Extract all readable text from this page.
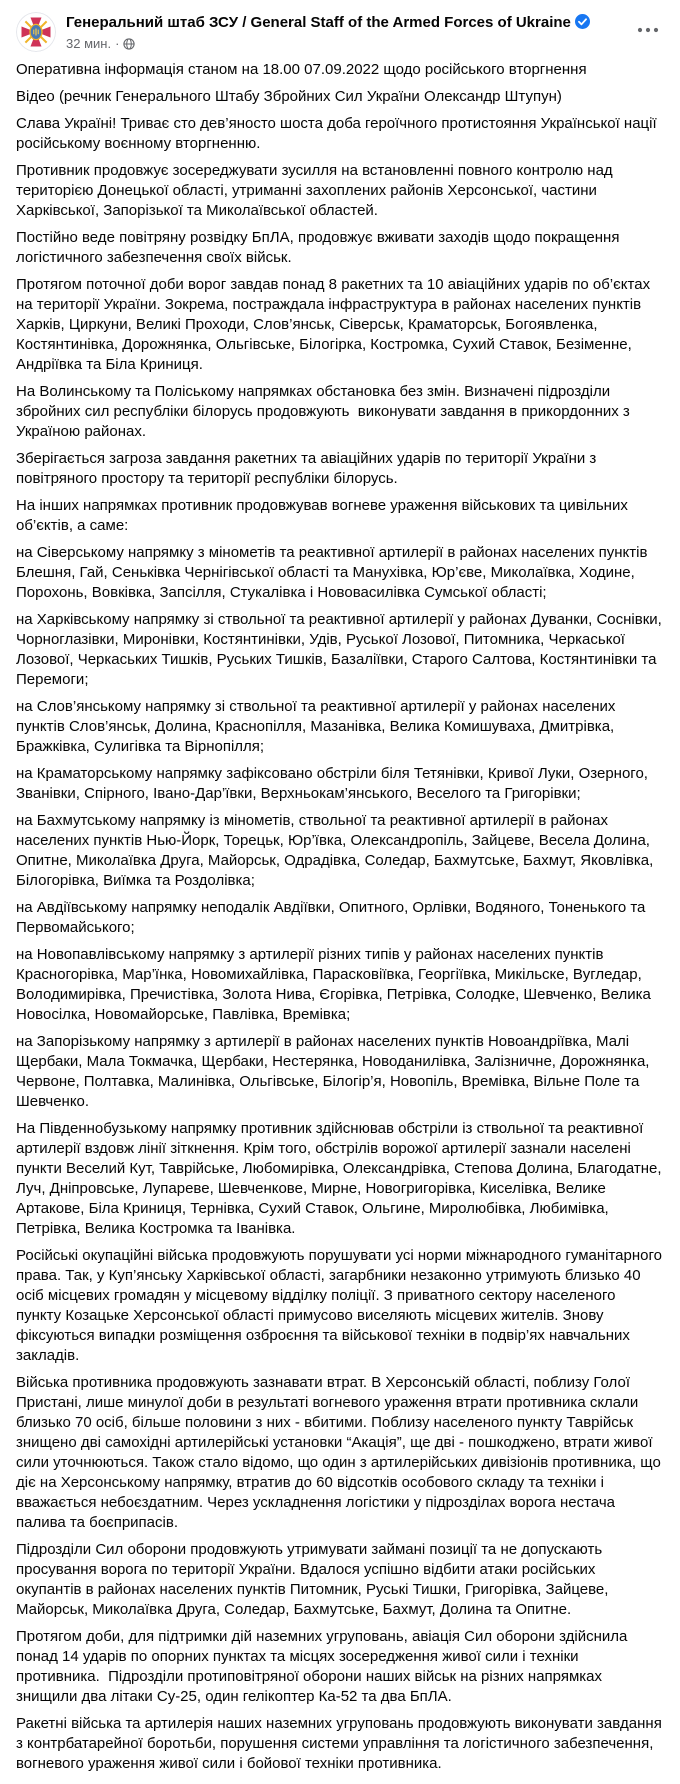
Генеральний штаб ЗСУ / General Staff of the Armed Forces of Ukraine
32 мин. ·
Оперативна інформація станом на 18.00 07.09.2022 щодо російського вторгнення
Відео (речник Генерального Штабу Збройних Сил України Олександр Штупун)
Слава Україні! Триває сто дев’яносто шоста доба героїчного протистояння Української нації російському воєнному вторгненню.
Противник продовжує зосереджувати зусилля на встановленні повного контролю над територією Донецької області, утриманні захоплених районів Херсонської, частини Харківської, Запорізької та Миколаївської областей.
Постійно веде повітряну розвідку БпЛА, продовжує вживати заходів щодо покращення логістичного забезпечення своїх військ.
Протягом поточної доби ворог завдав понад 8 ракетних та 10 авіаційних ударів по об’єктах на території України. Зокрема, постраждала інфраструктура в районах населених пунктів Харків, Циркуни, Великі Проходи, Слов’янськ, Сіверськ, Краматорськ, Богоявленка, Костянтинівка, Дорожнянка, Ольгівське, Білогірка, Костромка, Сухий Ставок, Безіменне, Андріївка та Біла Криниця.
На Волинському та Поліському напрямках обстановка без змін. Визначені підрозділи збройних сил республіки білорусь продовжують  виконувати завдання в прикордонних з Україною районах.
Зберігається загроза завдання ракетних та авіаційних ударів по території України з повітряного простору та території республіки білорусь.
На інших напрямках противник продовжував вогневе ураження військових та цивільних об’єктів, а саме:
на Сіверському напрямку з мінометів та реактивної артилерії в районах населених пунктів Блешня, Гай, Сеньківка Чернігівської області та Манухівка, Юр’єве, Миколаївка, Ходине, Порохонь, Вовківка, Запсілля, Стукалівка і Нововасилівка Сумської області;
на Харківському напрямку зі ствольної та реактивної артилерії у районах Дуванки, Соснівки, Чорноглазівки, Миронівки, Костянтинівки, Удів, Руської Лозової, Питомника, Черкаської Лозової, Черкаських Тишків, Руських Тишків, Базаліївки, Старого Салтова, Костянтинівки та Перемоги;
на Слов’янському напрямку зі ствольної та реактивної артилерії у районах населених пунктів Слов’янськ, Долина, Краснопілля, Мазанівка, Велика Комишуваха, Дмитрівка, Бражківка, Сулигівка та Вірнопілля;
на Краматорському напрямку зафіксовано обстріли біля Тетянівки, Кривої Луки, Озерного, Званівки, Спірного, Івано-Дар’ївки, Верхньокам’янського, Веселого та Григорівки;
на Бахмутському напрямку із мінометів, ствольної та реактивної артилерії в районах населених пунктів Нью-Йорк, Торецьк, Юр’ївка, Олександропіль, Зайцеве, Весела Долина, Опитне, Миколаївка Друга, Майорськ, Одрадівка, Соледар, Бахмутське, Бахмут, Яковлівка, Білогорівка, Виїмка та Роздолівка;
на Авдіївському напрямку неподалік Авдіївки, Опитного, Орлівки, Водяного, Тоненького та Первомайського;
на Новопавлівському напрямку з артилерії різних типів у районах населених пунктів Красногорівка, Мар’їнка, Новомихайлівка, Парасковіївка, Георгіївка, Микільске, Вугледар, Володимирівка, Пречистівка, Золота Нива, Єгорівка, Петрівка, Солодке, Шевченко, Велика Новосілка, Новомайорське, Павлівка, Времівка;
на Запорізькому напрямку з артилерії в районах населених пунктів Новоандріївка, Малі Щербаки, Мала Токмачка, Щербаки, Нестерянка, Новоданилівка, Залізничне, Дорожнянка, Червоне, Полтавка, Малинівка, Ольгівське, Білогір’я, Новопіль, Времівка, Вільне Поле та Шевченко.
На Південнобузькому напрямку противник здійснював обстріли із ствольної та реактивної артилерії вздовж лінії зіткнення. Крім того, обстрілів ворожої артилерії зазнали населені пункти Веселий Кут, Таврійське, Любомирівка, Олександрівка, Степова Долина, Благодатне, Луч, Дніпровське, Лупареве, Шевченкове, Мирне, Новогригорівка, Киселівка, Велике Артакове, Біла Криниця, Тернівка, Сухий Ставок, Ольгине, Миролюбівка, Любимівка, Петрівка, Велика Костромка та Іванівка.
Російські окупаційні війська продовжують порушувати усі норми міжнародного гуманітарного права. Так, у Куп’янську Харківської області, загарбники незаконно утримують близько 40 осіб місцевих громадян у місцевому відділку поліції. З приватного сектору населеного пункту Козацьке Херсонської області примусово виселяють місцевих жителів. Знову фіксуються випадки розміщення озброєння та військової техніки в подвір’ях навчальних закладів.
Війська противника продовжують зазнавати втрат. В Херсонській області, поблизу Голої Пристані, лише минулої доби в результаті вогневого ураження втрати противника склали близько 70 осіб, більше половини з них - вбитими. Поблизу населеного пункту Таврійськ знищено дві самохідні артилерійські установки “Акація”, ще дві - пошкоджено, втрати живої сили уточнюються. Також стало відомо, що один з артилерійських дивізіонів противника, що діє на Херсонському напрямку, втратив до 60 відсотків особового складу та техніки і вважається небоєздатним. Через ускладнення логістики у підрозділах ворога нестача палива та боєприпасів.
Підрозділи Сил оборони продовжують утримувати займані позиції та не допускають просування ворога по території України. Вдалося успішно відбити атаки російських окупантів в районах населених пунктів Питомник, Руські Тишки, Григорівка, Зайцеве, Майорськ, Миколаївка Друга, Соледар, Бахмутське, Бахмут, Долина та Опитне.
Протягом доби, для підтримки дій наземних угруповань, авіація Сил оборони здійснила понад 14 ударів по опорних пунктах та місцях зосередження живої сили і техніки противника.  Підрозділи протиповітряної оборони наших військ на різних напрямках знищили два літаки Су-25, один гелікоптер Ка-52 та два БпЛА.
Ракетні війська та артилерія наших наземних угруповань продовжують виконувати завдання з контрбатарейної боротьби, порушення системи управління та логістичного забезпечення, вогневого ураження живої сили і бойової техніки противника.
